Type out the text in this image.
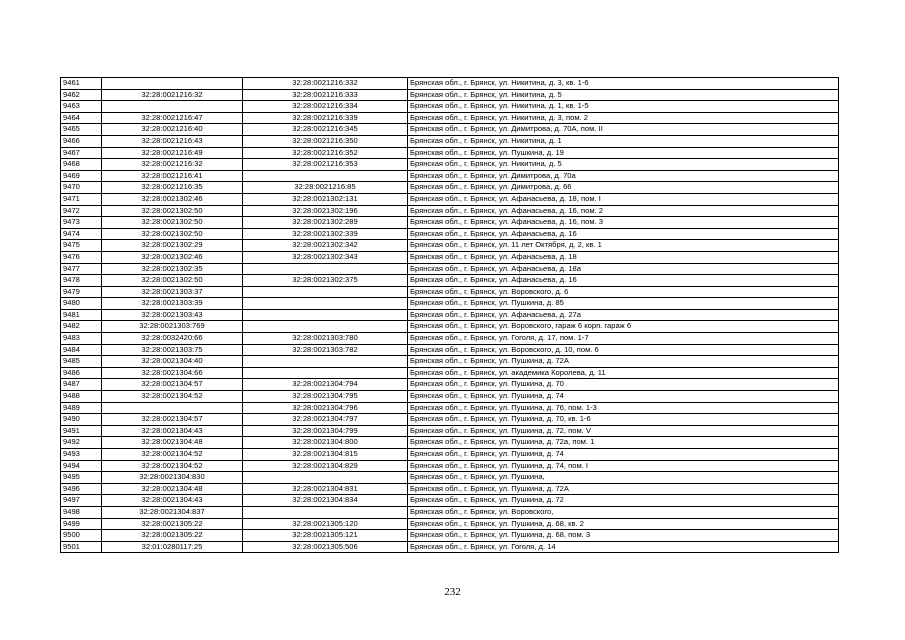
9461		32:28:0021216:332	Брянская обл., г. Брянск, ул. Никитина, д. 3, кв. 1-6
9462	32:28:0021216:32	32:28:0021216:333	Брянская обл., г. Брянск, ул. Никитина, д. 5
9463		32:28:0021216:334	Брянская обл., г. Брянск, ул. Никитина, д. 1, кв. 1-5
9464	32:28:0021216:47	32:28:0021216:339	Брянская обл., г. Брянск, ул. Никитина, д. 3, пом. 2
9465	32:28:0021216:40	32:28:0021216:345	Брянская обл., г. Брянск, ул. Димитрова, д. 70А, пом. II
9466	32:28:0021216:43	32:28:0021216:350	Брянская обл., г. Брянск, ул. Никитина, д. 1
9467	32:28:0021216:49	32:28:0021216:352	Брянская обл., г. Брянск, ул. Пушкина, д. 19
9468	32:28:0021216:32	32:28:0021216:353	Брянская обл., г. Брянск, ул. Никитина, д. 5
9469	32:28:0021216:41		Брянская обл., г. Брянск, ул. Димитрова, д. 70а
9470	32:28:0021216:35	32:28:0021216:85	Брянская обл., г. Брянск, ул. Димитрова, д. 66
9471	32:28:0021302:46	32:28:0021302:131	Брянская обл., г. Брянск, ул. Афанасьева, д. 18, пом. I
9472	32:28:0021302:50	32:28:0021302:196	Брянская обл., г. Брянск, ул. Афанасьева, д. 16, пом. 2
9473	32:28:0021302:50	32:28:0021302:289	Брянская обл., г. Брянск, ул. Афанасьева, д. 16, пом. 3
9474	32:28:0021302:50	32:28:0021302:339	Брянская обл., г. Брянск, ул. Афанасьева, д. 16
9475	32:28:0021302:29	32:28:0021302:342	Брянская обл., г. Брянск, ул. 11 лет Октября, д. 2, кв. 1
9476	32:28:0021302:46	32:28:0021302:343	Брянская обл., г. Брянск, ул. Афанасьева, д. 18
9477	32:28:0021302:35		Брянская обл., г. Брянск, ул. Афанасьева, д. 18а
9478	32:28:0021302:50	32:28:0021302:375	Брянская обл., г. Брянск, ул. Афанасьева, д. 16
9479	32:28:0021303:37		Брянская обл., г. Брянск, ул. Воровского, д. 6
9480	32:28:0021303:39		Брянская обл., г. Брянск, ул. Пушкина, д. 85
9481	32:28:0021303:43		Брянская обл., г. Брянск, ул. Афанасьева, д. 27а
9482	32:28:0021303:769		Брянская обл., г. Брянск, ул. Воровского, гараж 6 корп. гараж 6
9483	32:28:0032420:66	32:28:0021303:780	Брянская обл., г. Брянск, ул. Гоголя, д. 17, пом. 1-7
9484	32:28:0021303:75	32:28:0021303:782	Брянская обл., г. Брянск, ул. Воровского, д. 10, пом. 6
9485	32:28:0021304:40		Брянская обл., г. Брянск, ул. Пушкина, д. 72А
9486	32:28:0021304:66		Брянская обл., г. Брянск, ул. академика Королева, д. 11
9487	32:28:0021304:57	32:28:0021304:794	Брянская обл., г. Брянск, ул. Пушкина, д. 70
9488	32:28:0021304:52	32:28:0021304:795	Брянская обл., г. Брянск, ул. Пушкина, д. 74
9489		32:28:0021304:796	Брянская обл., г. Брянск, ул. Пушкина, д. 76, пом. 1-3
9490	32:28:0021304:57	32:28:0021304:797	Брянская обл., г. Брянск, ул. Пушкина, д. 70, кв. 1-6
9491	32:28:0021304:43	32:28:0021304:799	Брянская обл., г. Брянск, ул. Пушкина, д. 72, пом. V
9492	32:28:0021304:48	32:28:0021304:800	Брянская обл., г. Брянск, ул. Пушкина, д. 72а, пом. 1
9493	32:28:0021304:52	32:28:0021304:815	Брянская обл., г. Брянск, ул. Пушкина, д. 74
9494	32:28:0021304:52	32:28:0021304:829	Брянская обл., г. Брянск, ул. Пушкина, д. 74, пом. I
9495	32:28:0021304:830		Брянская обл., г. Брянск, ул. Пушкина,
9496	32:28:0021304:48	32:28:0021304:831	Брянская обл., г. Брянск, ул. Пушкина, д. 72А
9497	32:28:0021304:43	32:28:0021304:834	Брянская обл., г. Брянск, ул. Пушкина, д. 72
9498	32:28:0021304:837		Брянская обл., г. Брянск, ул. Воровского,
9499	32:28:0021305:22	32:28:0021305:120	Брянская обл., г. Брянск, ул. Пушкина, д. 68, кв. 2
9500	32:28:0021305:22	32:28:0021305:121	Брянская обл., г. Брянск, ул. Пушкина, д. 68, пом. 3
9501	32:01:0280117:25	32:28:0021305:506	Брянская обл., г. Брянск, ул. Гоголя, д. 14
232
